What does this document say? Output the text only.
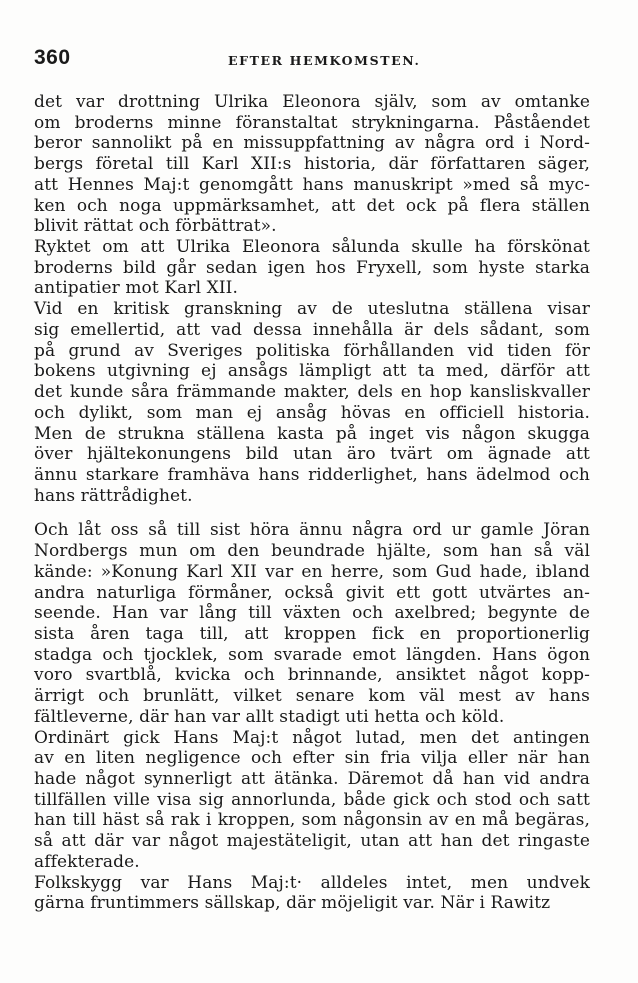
360	EFTER HEMKOMSTEN.
det var drottning Ulrika Eleonora själv, som av omtanke
om broderns minne föranstaltat strykningarna. Påståendet
beror sannolikt på en missuppfattning av några ord i Nord-
bergs företal till Karl XII:s historia, där författaren säger,
att Hennes Maj:t genomgått hans manuskript »med så myc-
ken och noga uppmärksamhet, att det ock på flera ställen
blivit rättat och förbättrat».
Ryktet om att Ulrika Eleonora sålunda skulle ha förskönat
broderns bild går sedan igen hos Fryxell, som hyste starka
antipatier mot Karl XII.
Vid en kritisk granskning av de uteslutna ställena visar
sig emellertid, att vad dessa innehålla är dels sådant, som
på grund av Sveriges politiska förhållanden vid tiden för
bokens utgivning ej ansågs lämpligt att ta med, därför att
det kunde såra främmande makter, dels en hop kansliskvaller
och dylikt, som man ej ansåg hövas en officiell historia.
Men de strukna ställena kasta på inget vis någon skugga
över hjältekonungens bild utan äro tvärt om ägnade att
ännu starkare framhäva hans ridderlighet, hans ädelmod och
hans rättrådighet.
Och låt oss så till sist höra ännu några ord ur gamle Jöran
Nordbergs mun om den beundrade hjälte, som han så väl
kände: »Konung Karl XII var en herre, som Gud hade, ibland
andra naturliga förmåner, också givit ett gott utvärtes an-
seende. Han var lång till växten och axelbred; begynte de
sista åren taga till, att kroppen fick en proportionerlig
stadga och tjocklek, som svarade emot längden. Hans ögon
voro svartblå, kvicka och brinnande, ansiktet något kopp-
ärrigt och brunlätt, vilket senare kom väl mest av hans
fältleverne, där han var allt stadigt uti hetta och köld.
Ordinärt gick Hans Maj:t något lutad, men det antingen
av en liten negligence och efter sin fria vilja eller när han
hade något synnerligt att ätänka. Däremot då han vid andra
tillfällen ville visa sig annorlunda, både gick och stod och satt
han till häst så rak i kroppen, som någonsin av en må begäras,
så att där var något majestäteligit, utan att han det ringaste
affekterade.
Folkskygg var Hans Maj:t· alldeles intet, men undvek
gärna fruntimmers sällskap, där möjeligit var. När i Rawitz
